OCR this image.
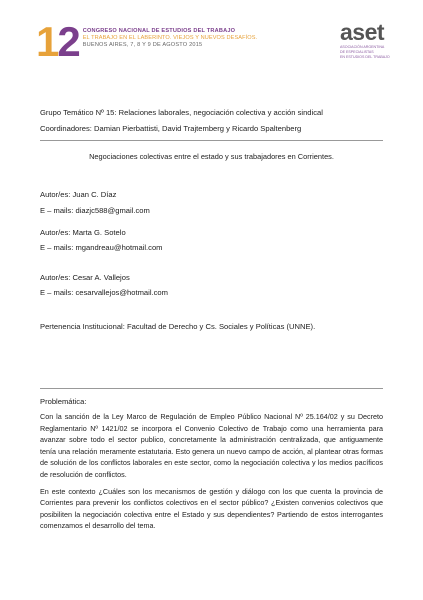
12 CONGRESO NACIONAL DE ESTUDIOS DEL TRABAJO
EL TRABAJO EN EL LABERINTO. VIEJOS Y NUEVOS DESAFÍOS.
BUENOS AIRES, 7, 8 Y 9 DE AGOSTO 2015	aset
ASOCIACIÓN ARGENTINA
DE ESPECIALISTAS
EN ESTUDIOS DEL TRABAJO
Grupo Temático Nº 15: Relaciones laborales, negociación colectiva y acción sindical
Coordinadores: Damian Pierbattisti, David Trajtemberg y Ricardo Spaltenberg
Negociaciones colectivas entre el estado y sus trabajadores en Corrientes.
Autor/es: Juan C. Díaz
E – mails: diazjc588@gmail.com
Autor/es: Marta G. Sotelo
E – mails: mgandreau@hotmail.com
Autor/es: Cesar A. Vallejos
E – mails: cesarvallejos@hotmail.com
Pertenencia Institucional: Facultad de Derecho y Cs. Sociales y Políticas (UNNE).
Problemática:

Con la sanción de la Ley Marco de Regulación de Empleo Público Nacional Nº 25.164/02 y su Decreto Reglamentario Nº 1421/02 se incorpora el Convenio Colectivo de Trabajo como una herramienta para avanzar sobre todo el sector publico, concretamente la administración centralizada, que antiguamente tenía una relación meramente estatutaria. Esto genera un nuevo campo de acción, al plantear otras formas de solución de los conflictos laborales en este sector, como la negociación colectiva y los medios pacíficos de resolución de conflictos.

En este contexto ¿Cuáles son los mecanismos de gestión y diálogo con los que cuenta la provincia de Corrientes para prevenir los conflictos colectivos en el sector público? ¿Existen convenios colectivos que posibiliten la negociación colectiva entre el Estado y sus dependientes? Partiendo de estos interrogantes comenzamos el desarrollo del tema.
